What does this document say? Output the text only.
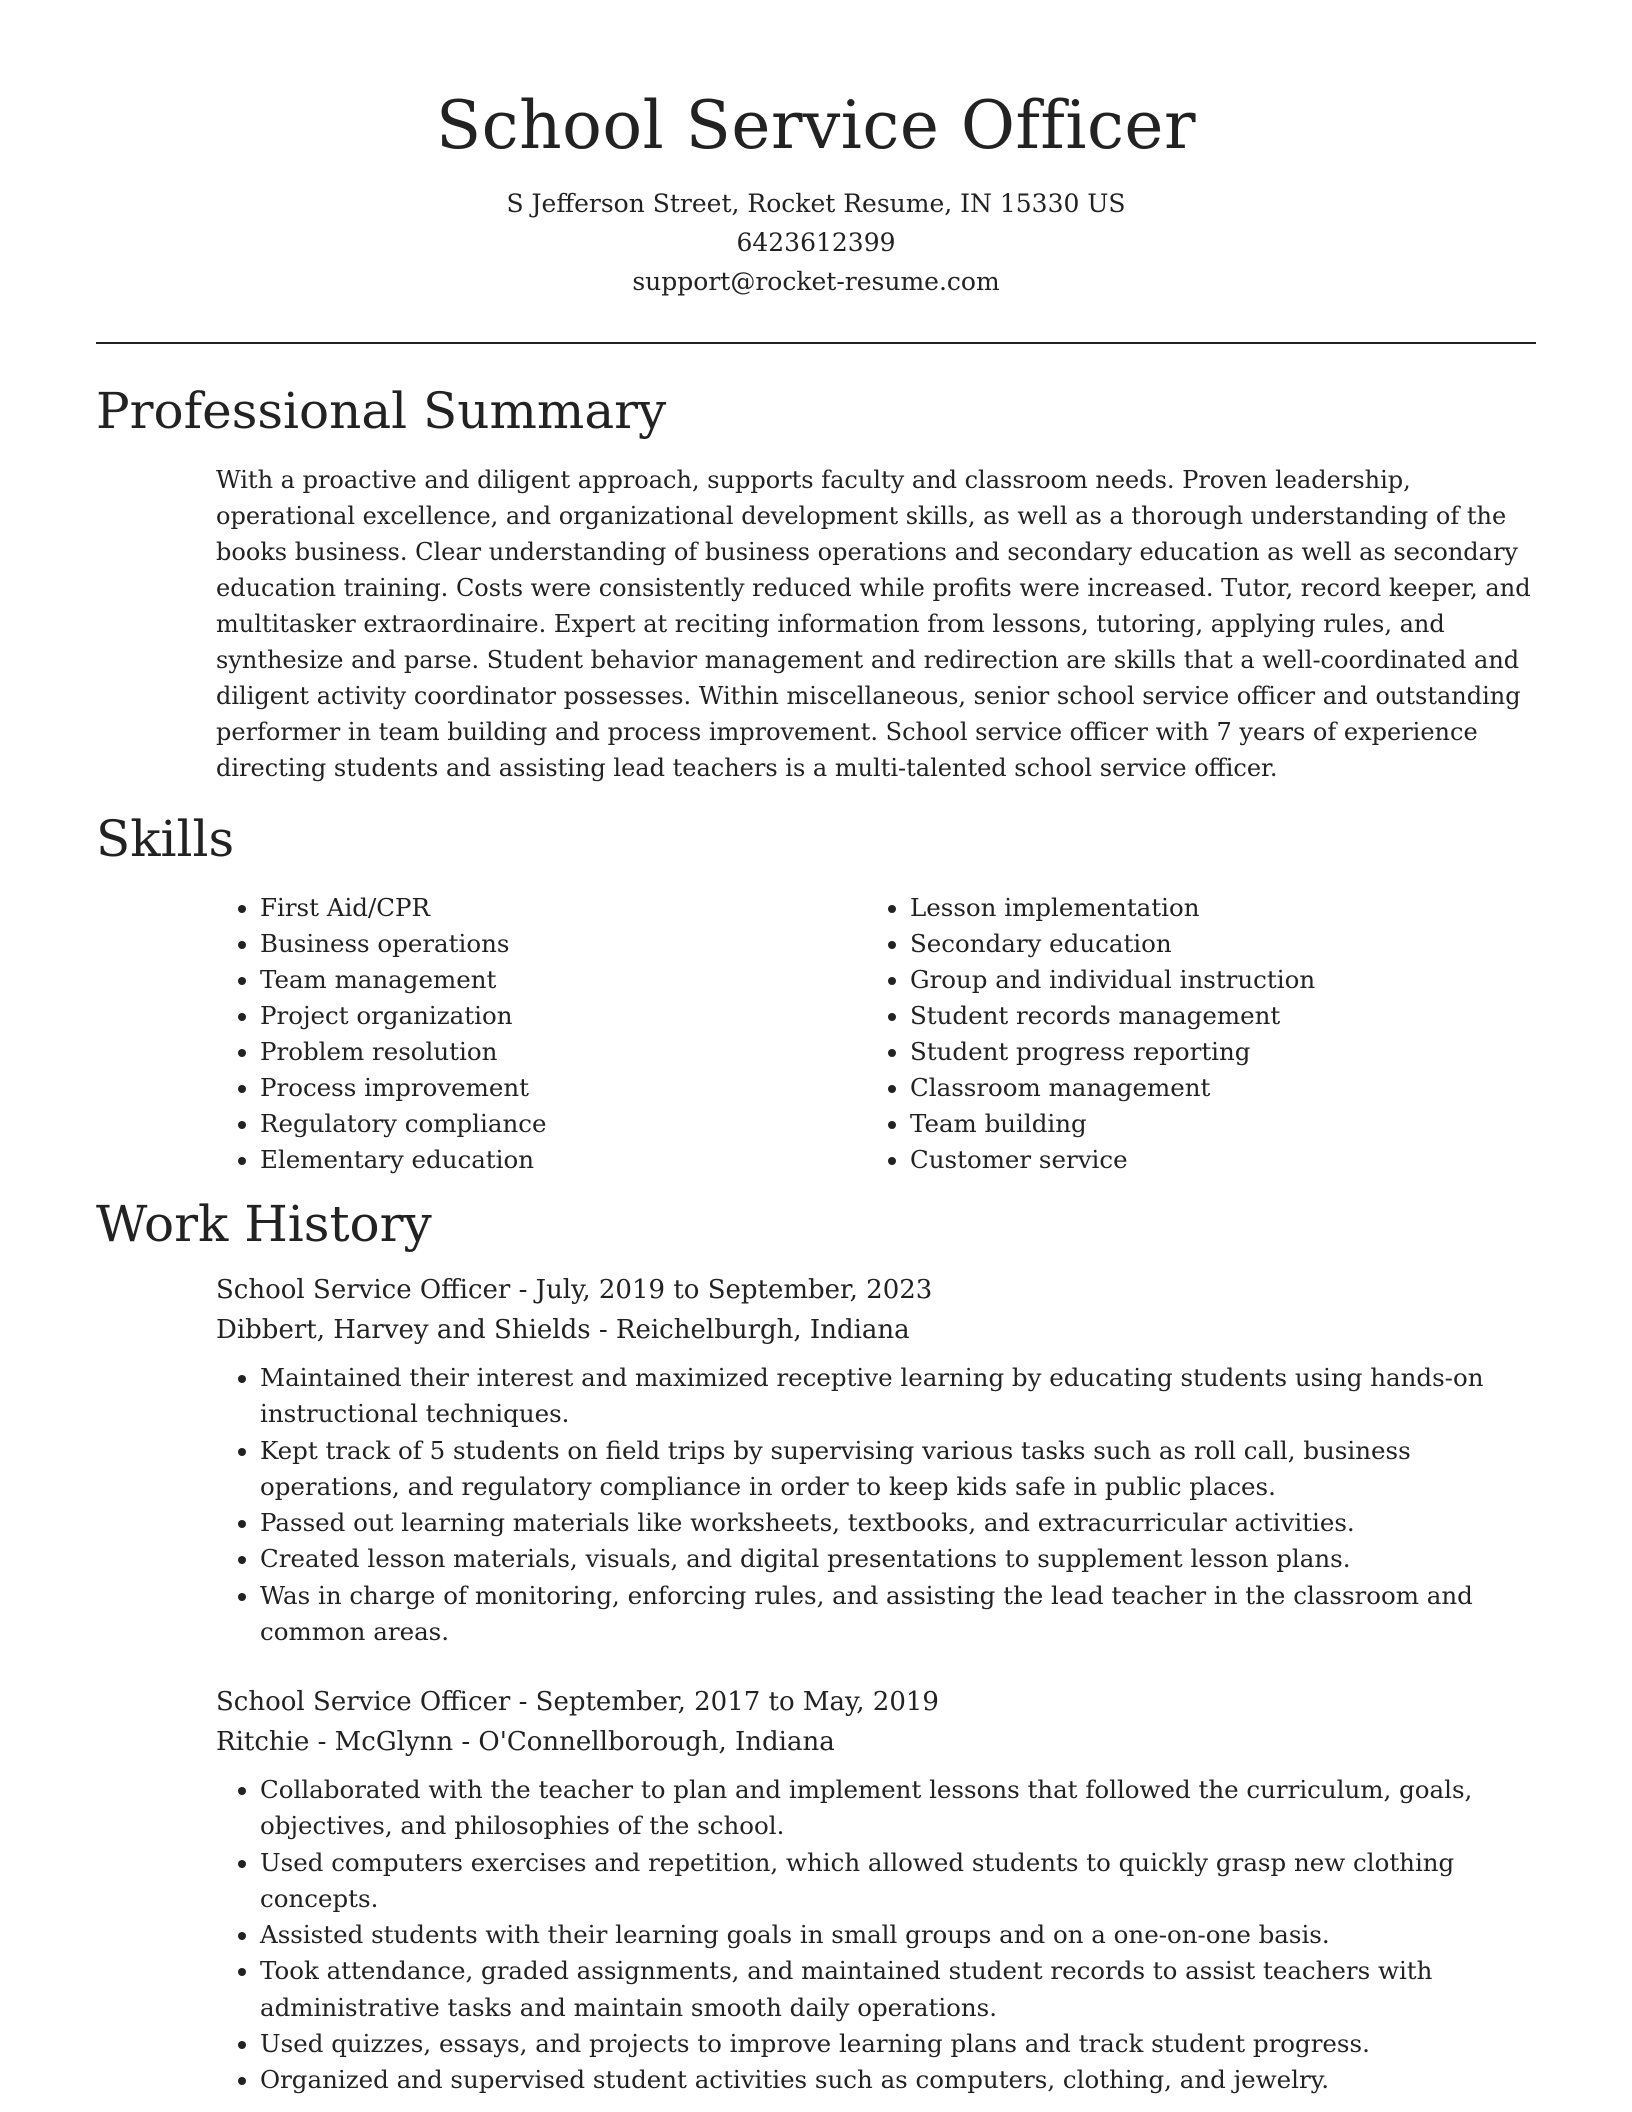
School Service Officer
S Jefferson Street, Rocket Resume, IN 15330 US
6423612399
support@rocket-resume.com
Professional Summary

With a proactive and diligent approach, supports faculty and classroom needs. Proven leadership, operational excellence, and organizational development skills, as well as a thorough understanding of the books business. Clear understanding of business operations and secondary education as well as secondary education training. Costs were consistently reduced while profits were increased. Tutor, record keeper, and multitasker extraordinaire. Expert at reciting information from lessons, tutoring, applying rules, and synthesize and parse. Student behavior management and redirection are skills that a well-coordinated and diligent activity coordinator possesses. Within miscellaneous, senior school service officer and outstanding performer in team building and process improvement. School service officer with 7 years of experience directing students and assisting lead teachers is a multi-talented school service officer.

Skills
• First Aid/CPR
• Business operations
• Team management
• Project organization
• Problem resolution
• Process improvement
• Regulatory compliance
• Elementary education
• Lesson implementation
• Secondary education
• Group and individual instruction
• Student records management
• Student progress reporting
• Classroom management
• Team building
• Customer service
Work History
School Service Officer - July, 2019 to September, 2023
Dibbert, Harvey and Shields - Reichelburgh, Indiana
• Maintained their interest and maximized receptive learning by educating students using hands-on instructional techniques.
• Kept track of 5 students on field trips by supervising various tasks such as roll call, business operations, and regulatory compliance in order to keep kids safe in public places.
• Passed out learning materials like worksheets, textbooks, and extracurricular activities.
• Created lesson materials, visuals, and digital presentations to supplement lesson plans.
• Was in charge of monitoring, enforcing rules, and assisting the lead teacher in the classroom and common areas.
School Service Officer - September, 2017 to May, 2019
Ritchie - McGlynn - O'Connellborough, Indiana
• Collaborated with the teacher to plan and implement lessons that followed the curriculum, goals, objectives, and philosophies of the school.
• Used computers exercises and repetition, which allowed students to quickly grasp new clothing concepts.
• Assisted students with their learning goals in small groups and on a one-on-one basis.
• Took attendance, graded assignments, and maintained student records to assist teachers with administrative tasks and maintain smooth daily operations.
• Used quizzes, essays, and projects to improve learning plans and track student progress.
• Organized and supervised student activities such as computers, clothing, and jewelry.
